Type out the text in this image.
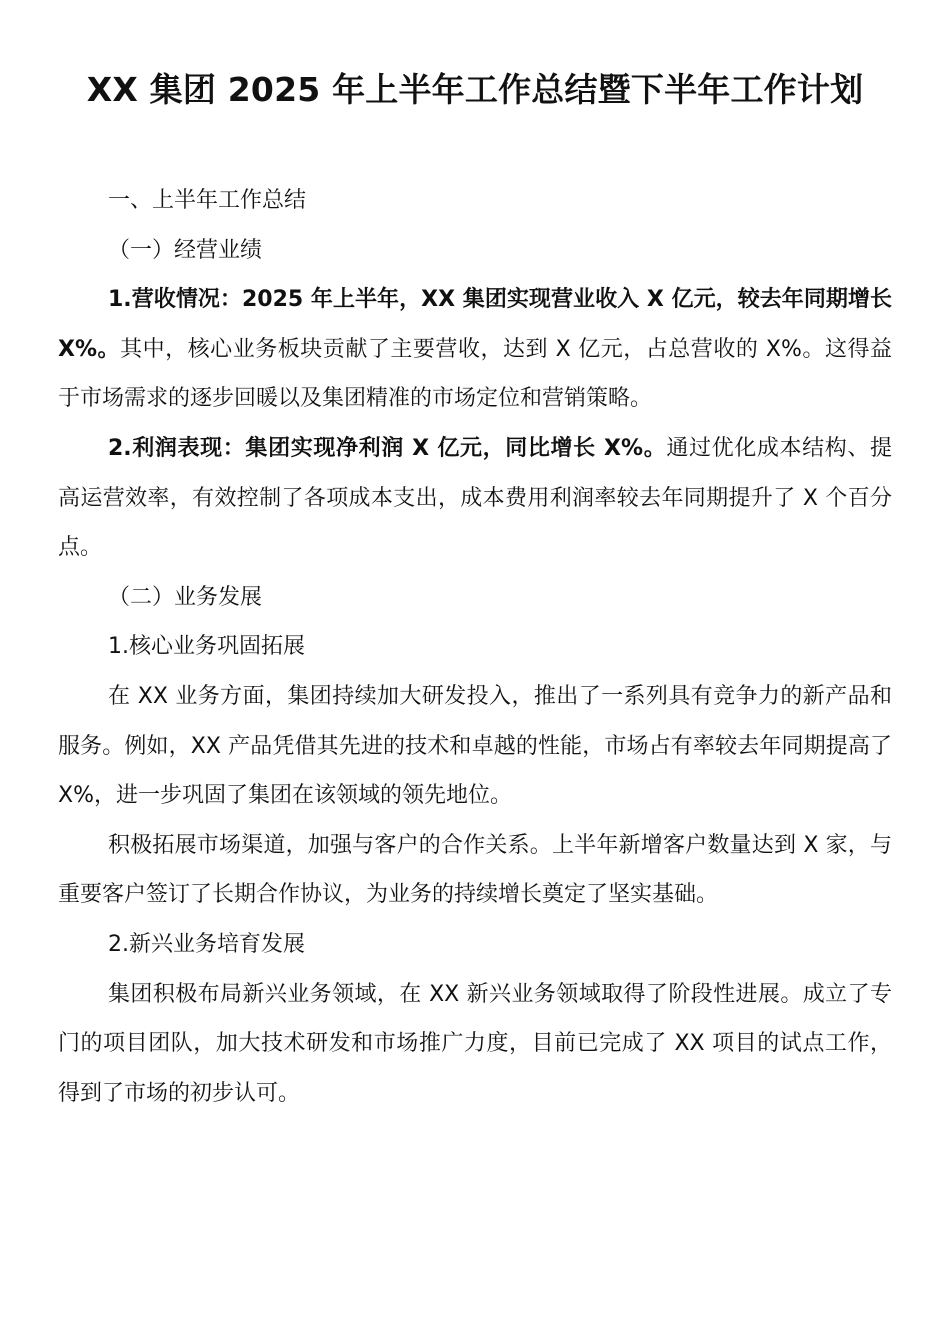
XX 集团 2025 年上半年工作总结暨下半年工作计划

一、上半年工作总结

（一）经营业绩

1.营收情况：2025 年上半年，XX 集团实现营业收入 X 亿元，较去年同期增长 X%。其中，核心业务板块贡献了主要营收，达到 X 亿元，占总营收的 X%。这得益于市场需求的逐步回暖以及集团精准的市场定位和营销策略。

2.利润表现：集团实现净利润 X 亿元，同比增长 X%。通过优化成本结构、提高运营效率，有效控制了各项成本支出，成本费用利润率较去年同期提升了 X 个百分点。

（二）业务发展

1.核心业务巩固拓展

在 XX 业务方面，集团持续加大研发投入，推出了一系列具有竞争力的新产品和服务。例如，XX 产品凭借其先进的技术和卓越的性能，市场占有率较去年同期提高了 X%，进一步巩固了集团在该领域的领先地位。

积极拓展市场渠道，加强与客户的合作关系。上半年新增客户数量达到 X 家，与重要客户签订了长期合作协议，为业务的持续增长奠定了坚实基础。

2.新兴业务培育发展

集团积极布局新兴业务领域，在 XX 新兴业务领域取得了阶段性进展。成立了专门的项目团队，加大技术研发和市场推广力度，目前已完成了 XX 项目的试点工作，得到了市场的初步认可。
